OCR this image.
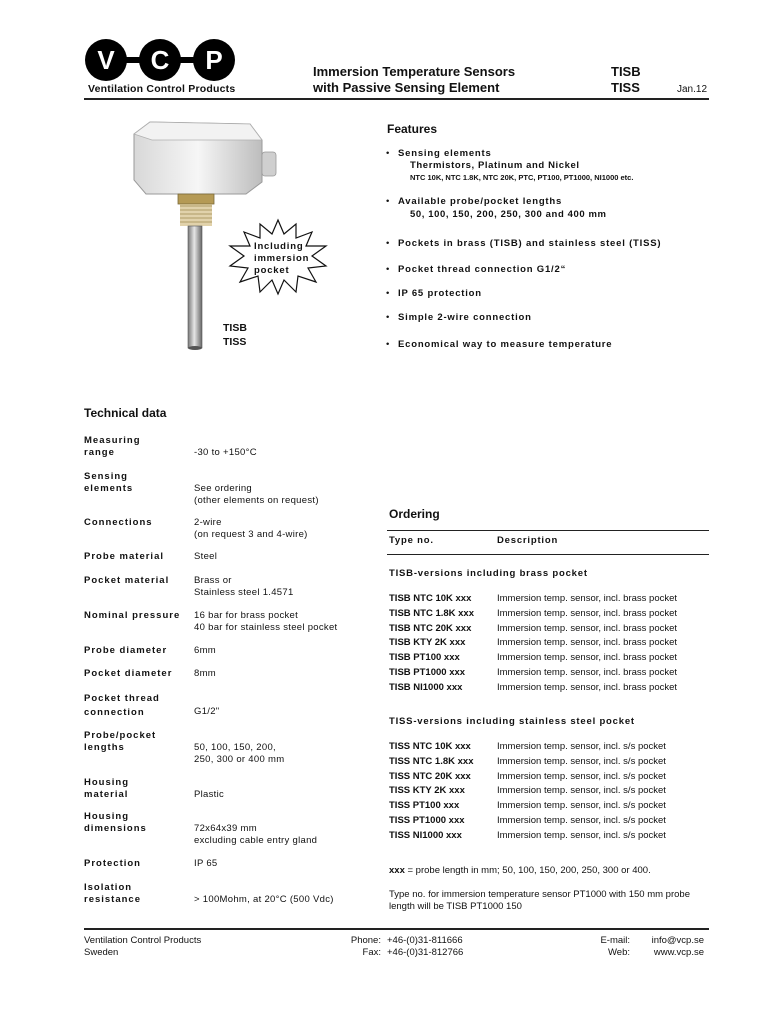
V C P
Ventilation Control Products
Immersion Temperature Sensors
with Passive Sensing Element
TISB
TISS	Jan.12
Including
immersion
pocket
TISB
TISS
Features
• Sensing elements
Thermistors, Platinum and Nickel
NTC 10K, NTC 1.8K, NTC 20K, PTC, PT100, PT1000, NI1000 etc.
• Available probe/pocket lengths
50, 100, 150, 200, 250, 300 and 400 mm
• Pockets in brass (TISB) and stainless steel (TISS)
• Pocket thread connection G1/2“
• IP 65 protection
• Simple 2-wire connection
• Economical way to measure temperature
Technical data
Measuring
range	-30 to +150°C
Sensing
elements	See ordering
(other elements on request)
Connections	2-wire
(on request 3 and 4-wire)
Probe material	Steel
Pocket material	Brass or
Stainless steel 1.4571
Nominal pressure 16 bar for brass pocket
40 bar for stainless steel pocket
Probe diameter	6mm
Pocket diameter 8mm
Pocket thread
connection	G1/2"
Probe/pocket
lengths	50, 100, 150, 200,
250, 300 or 400 mm
Housing
material	Plastic
Housing
dimensions	72x64x39 mm
excluding cable entry gland
Protection	IP 65
Isolation
resistance	> 100Mohm, at 20°C (500 Vdc)
Ordering
Type no.	Description
TISB-versions including brass pocket
TISB NTC 10K xxx	Immersion temp. sensor, incl. brass pocket
TISB NTC 1.8K xxx Immersion temp. sensor, incl. brass pocket
TISB NTC 20K xxx	Immersion temp. sensor, incl. brass pocket
TISB KTY 2K xxx	Immersion temp. sensor, incl. brass pocket
TISB PT100 xxx	Immersion temp. sensor, incl. brass pocket
TISB PT1000 xxx	Immersion temp. sensor, incl. brass pocket
TISB NI1000 xxx	Immersion temp. sensor, incl. brass pocket
TISS-versions including stainless steel pocket
TISS NTC 10K xxx	Immersion temp. sensor, incl. s/s pocket
TISS NTC 1.8K xxx Immersion temp. sensor, incl. s/s pocket
TISS NTC 20K xxx	Immersion temp. sensor, incl. s/s pocket
TISS KTY 2K xxx	Immersion temp. sensor, incl. s/s pocket
TISS PT100 xxx	Immersion temp. sensor, incl. s/s pocket
TISS PT1000 xxx	Immersion temp. sensor, incl. s/s pocket
TISS NI1000 xxx	Immersion temp. sensor, incl. s/s pocket
xxx = probe length in mm; 50, 100, 150, 200, 250, 300 or 400.
Type no. for immersion temperature sensor PT1000 with 150 mm probe
length will be TISB PT1000 150
Ventilation Control Products
Sweden
Phone:
Fax:
+46-(0)31-811666
+46-(0)31-812766
E-mail:
Web:
info@vcp.se
www.vcp.se
